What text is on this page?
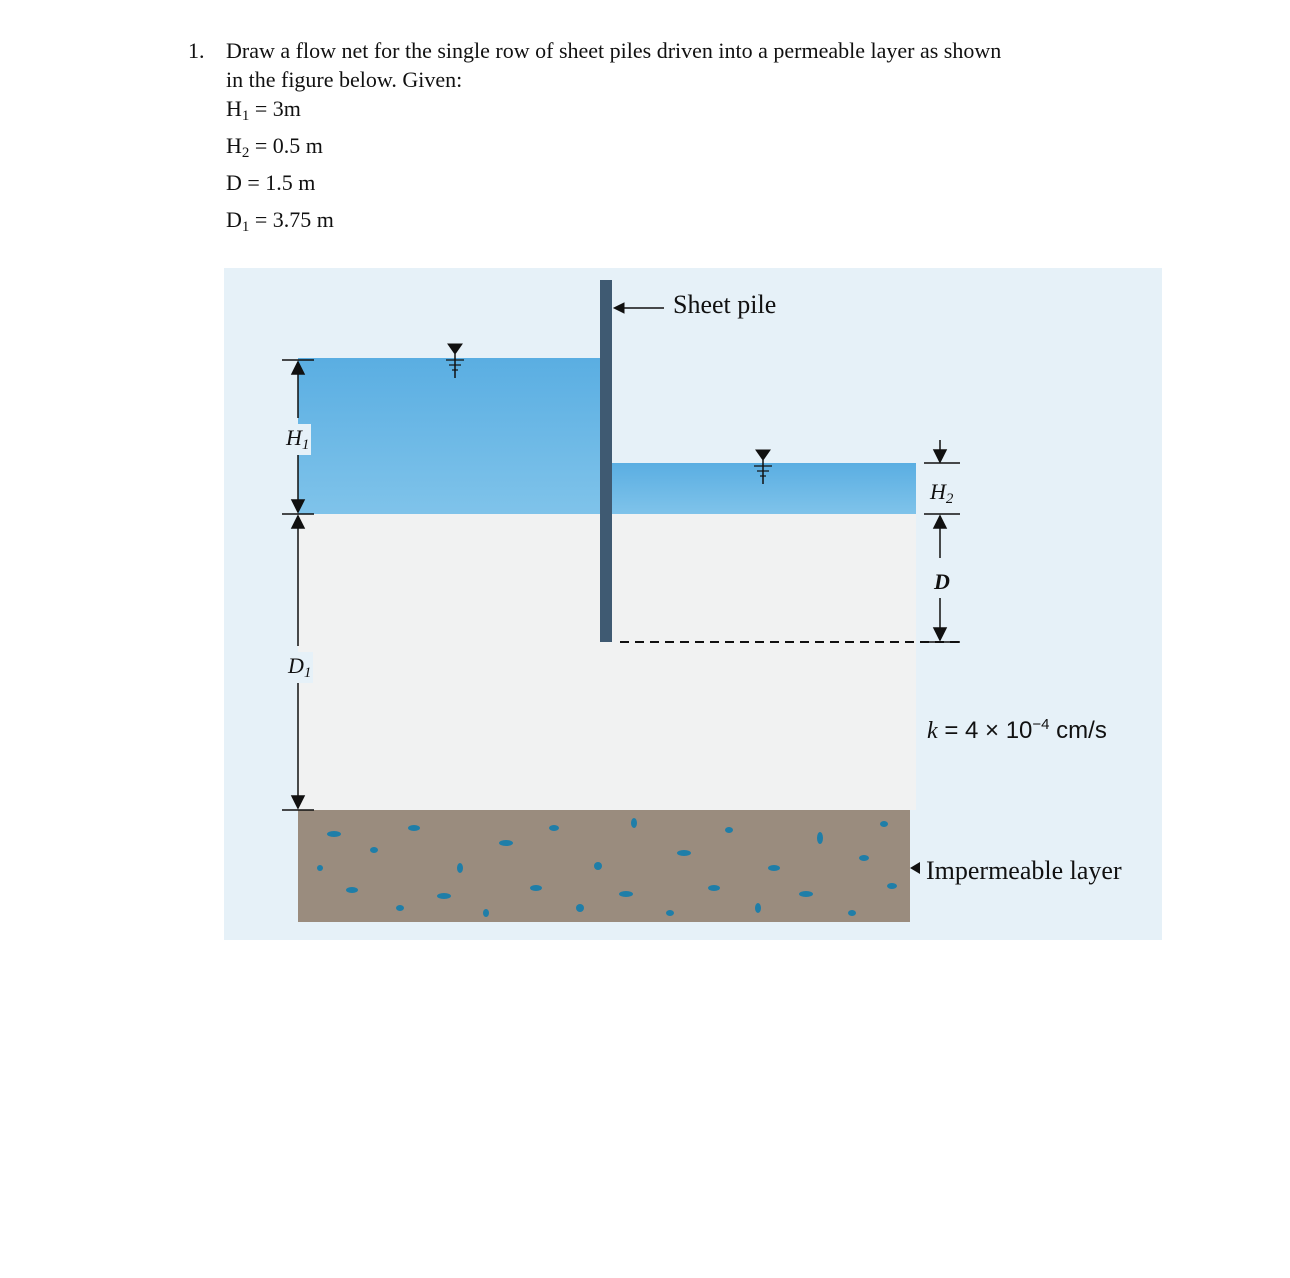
1. Draw a flow net for the single row of sheet piles driven into a permeable layer as shown
in the figure below. Given:
$H_1 = 3m$
$H_2 = 0.5$ m
D = 1.5 m
$D_1 = 3.75$ m
Sheet pile
$H_1$
$D_1$
$H_2$
D
$k = 4 \times 10^{-4}$ cm/s
Impermeable layer
